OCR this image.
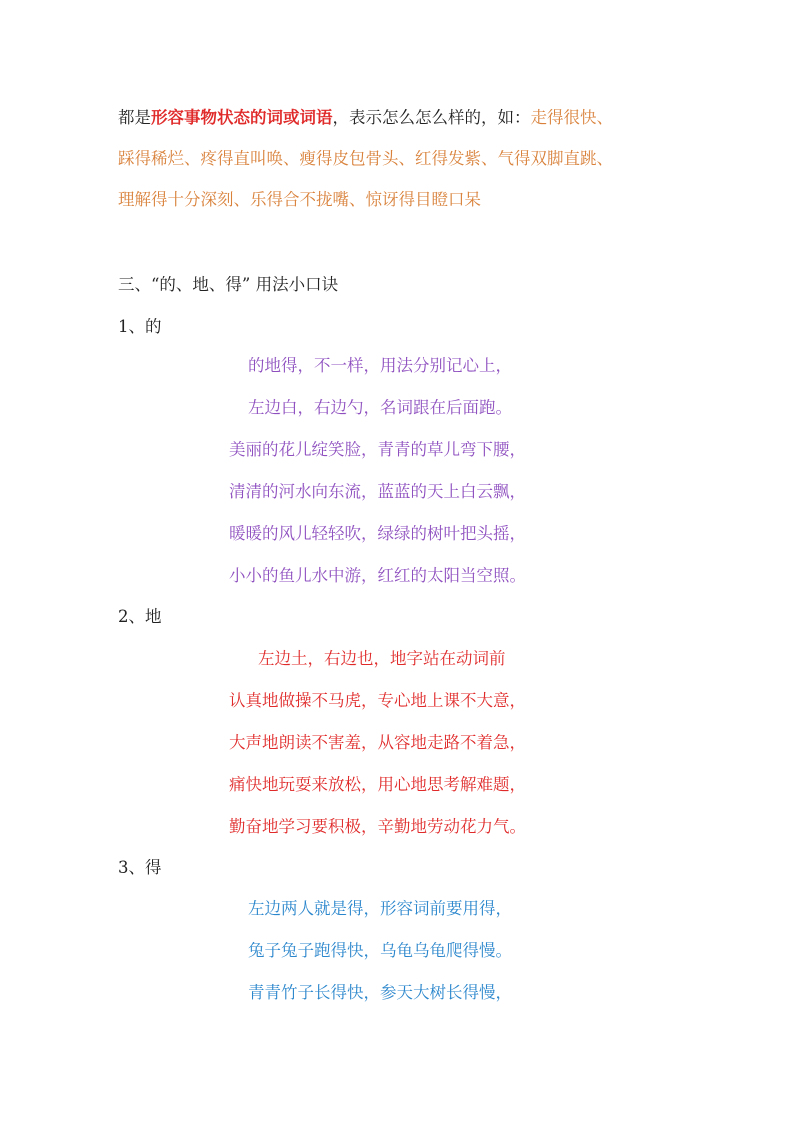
都是形容事物状态的词或词语，表示怎么怎么样的，如：走得很快、
踩得稀烂、疼得直叫唤、瘦得皮包骨头、红得发紫、气得双脚直跳、
理解得十分深刻、乐得合不拢嘴、惊讶得目瞪口呆
三、“的、地、得” 用法小口诀
1、的
的地得，不一样，用法分别记心上，
左边白，右边勺，名词跟在后面跑。
美丽的花儿绽笑脸，青青的草儿弯下腰，
清清的河水向东流，蓝蓝的天上白云飘，
暖暖的风儿轻轻吹，绿绿的树叶把头摇，
小小的鱼儿水中游，红红的太阳当空照。
2、地
左边土，右边也，地字站在动词前
认真地做操不马虎，专心地上课不大意，
大声地朗读不害羞，从容地走路不着急，
痛快地玩耍来放松，用心地思考解难题，
勤奋地学习要积极，辛勤地劳动花力气。
3、得
左边两人就是得，形容词前要用得，
兔子兔子跑得快，乌龟乌龟爬得慢。
青青竹子长得快，参天大树长得慢，
